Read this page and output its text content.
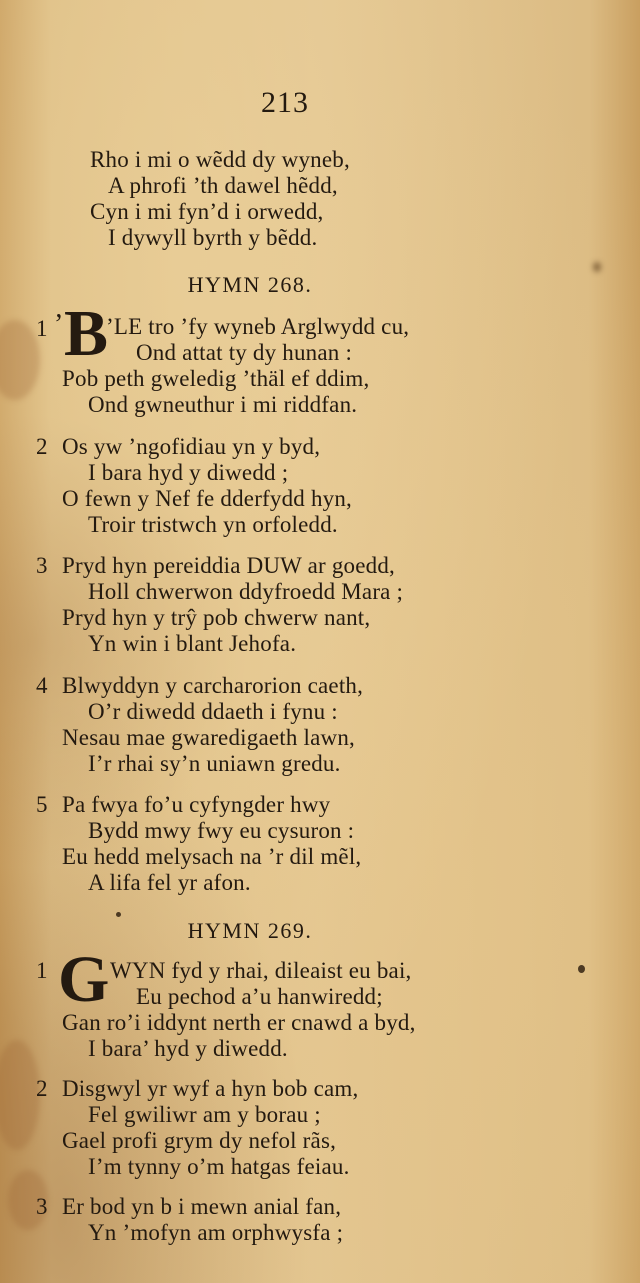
213
Rho i mi o wẽdd dy wyneb,
A phrofi ’th dawel hẽdd,
Cyn i mi fyn’d i orwedd,
I dywyll byrth y bẽdd.
HYMN 268.
1 ’ B
’LE tro ’fy wyneb Arglwydd cu,
Ond attat ty dy hunan :
Pob peth gweledig ’thäl ef ddim,
Ond gwneuthur i mi riddfan.
2 Os yw ’ngofidiau yn y byd,
I bara hyd y diwedd ;
O fewn y Nef fe dderfydd hyn,
Troir tristwch yn orfoledd.
3 Pryd hyn pereiddia DUW ar goedd,
Holl chwerwon ddyfroedd Mara ;
Pryd hyn y trŷ pob chwerw nant,
Yn win i blant Jehofa.
4 Blwyddyn y carcharorion caeth,
O’r diwedd ddaeth i fynu :
Nesau mae gwaredigaeth lawn,
I’r rhai sy’n uniawn gredu.
5 Pa fwya fo’u cyfyngder hwy
Bydd mwy fwy eu cysuron :
Eu hedd melysach na ’r dil mẽl,
A lifa fel yr afon.
HYMN 269.
1 G WYN fyd y rhai, dileaist eu bai,
Eu pechod a’u hanwiredd;
Gan ro’i iddynt nerth er cnawd a byd,
I bara’ hyd y diwedd.
2 Disgwyl yr wyf a hyn bob cam,
Fel gwiliwr am y borau ;
Gael profi grym dy nefol rãs,
I’m tynny o’m hatgas feiau.
3 Er bod yn b i mewn anial fan,
Yn ’mofyn am orphwysfa ;
